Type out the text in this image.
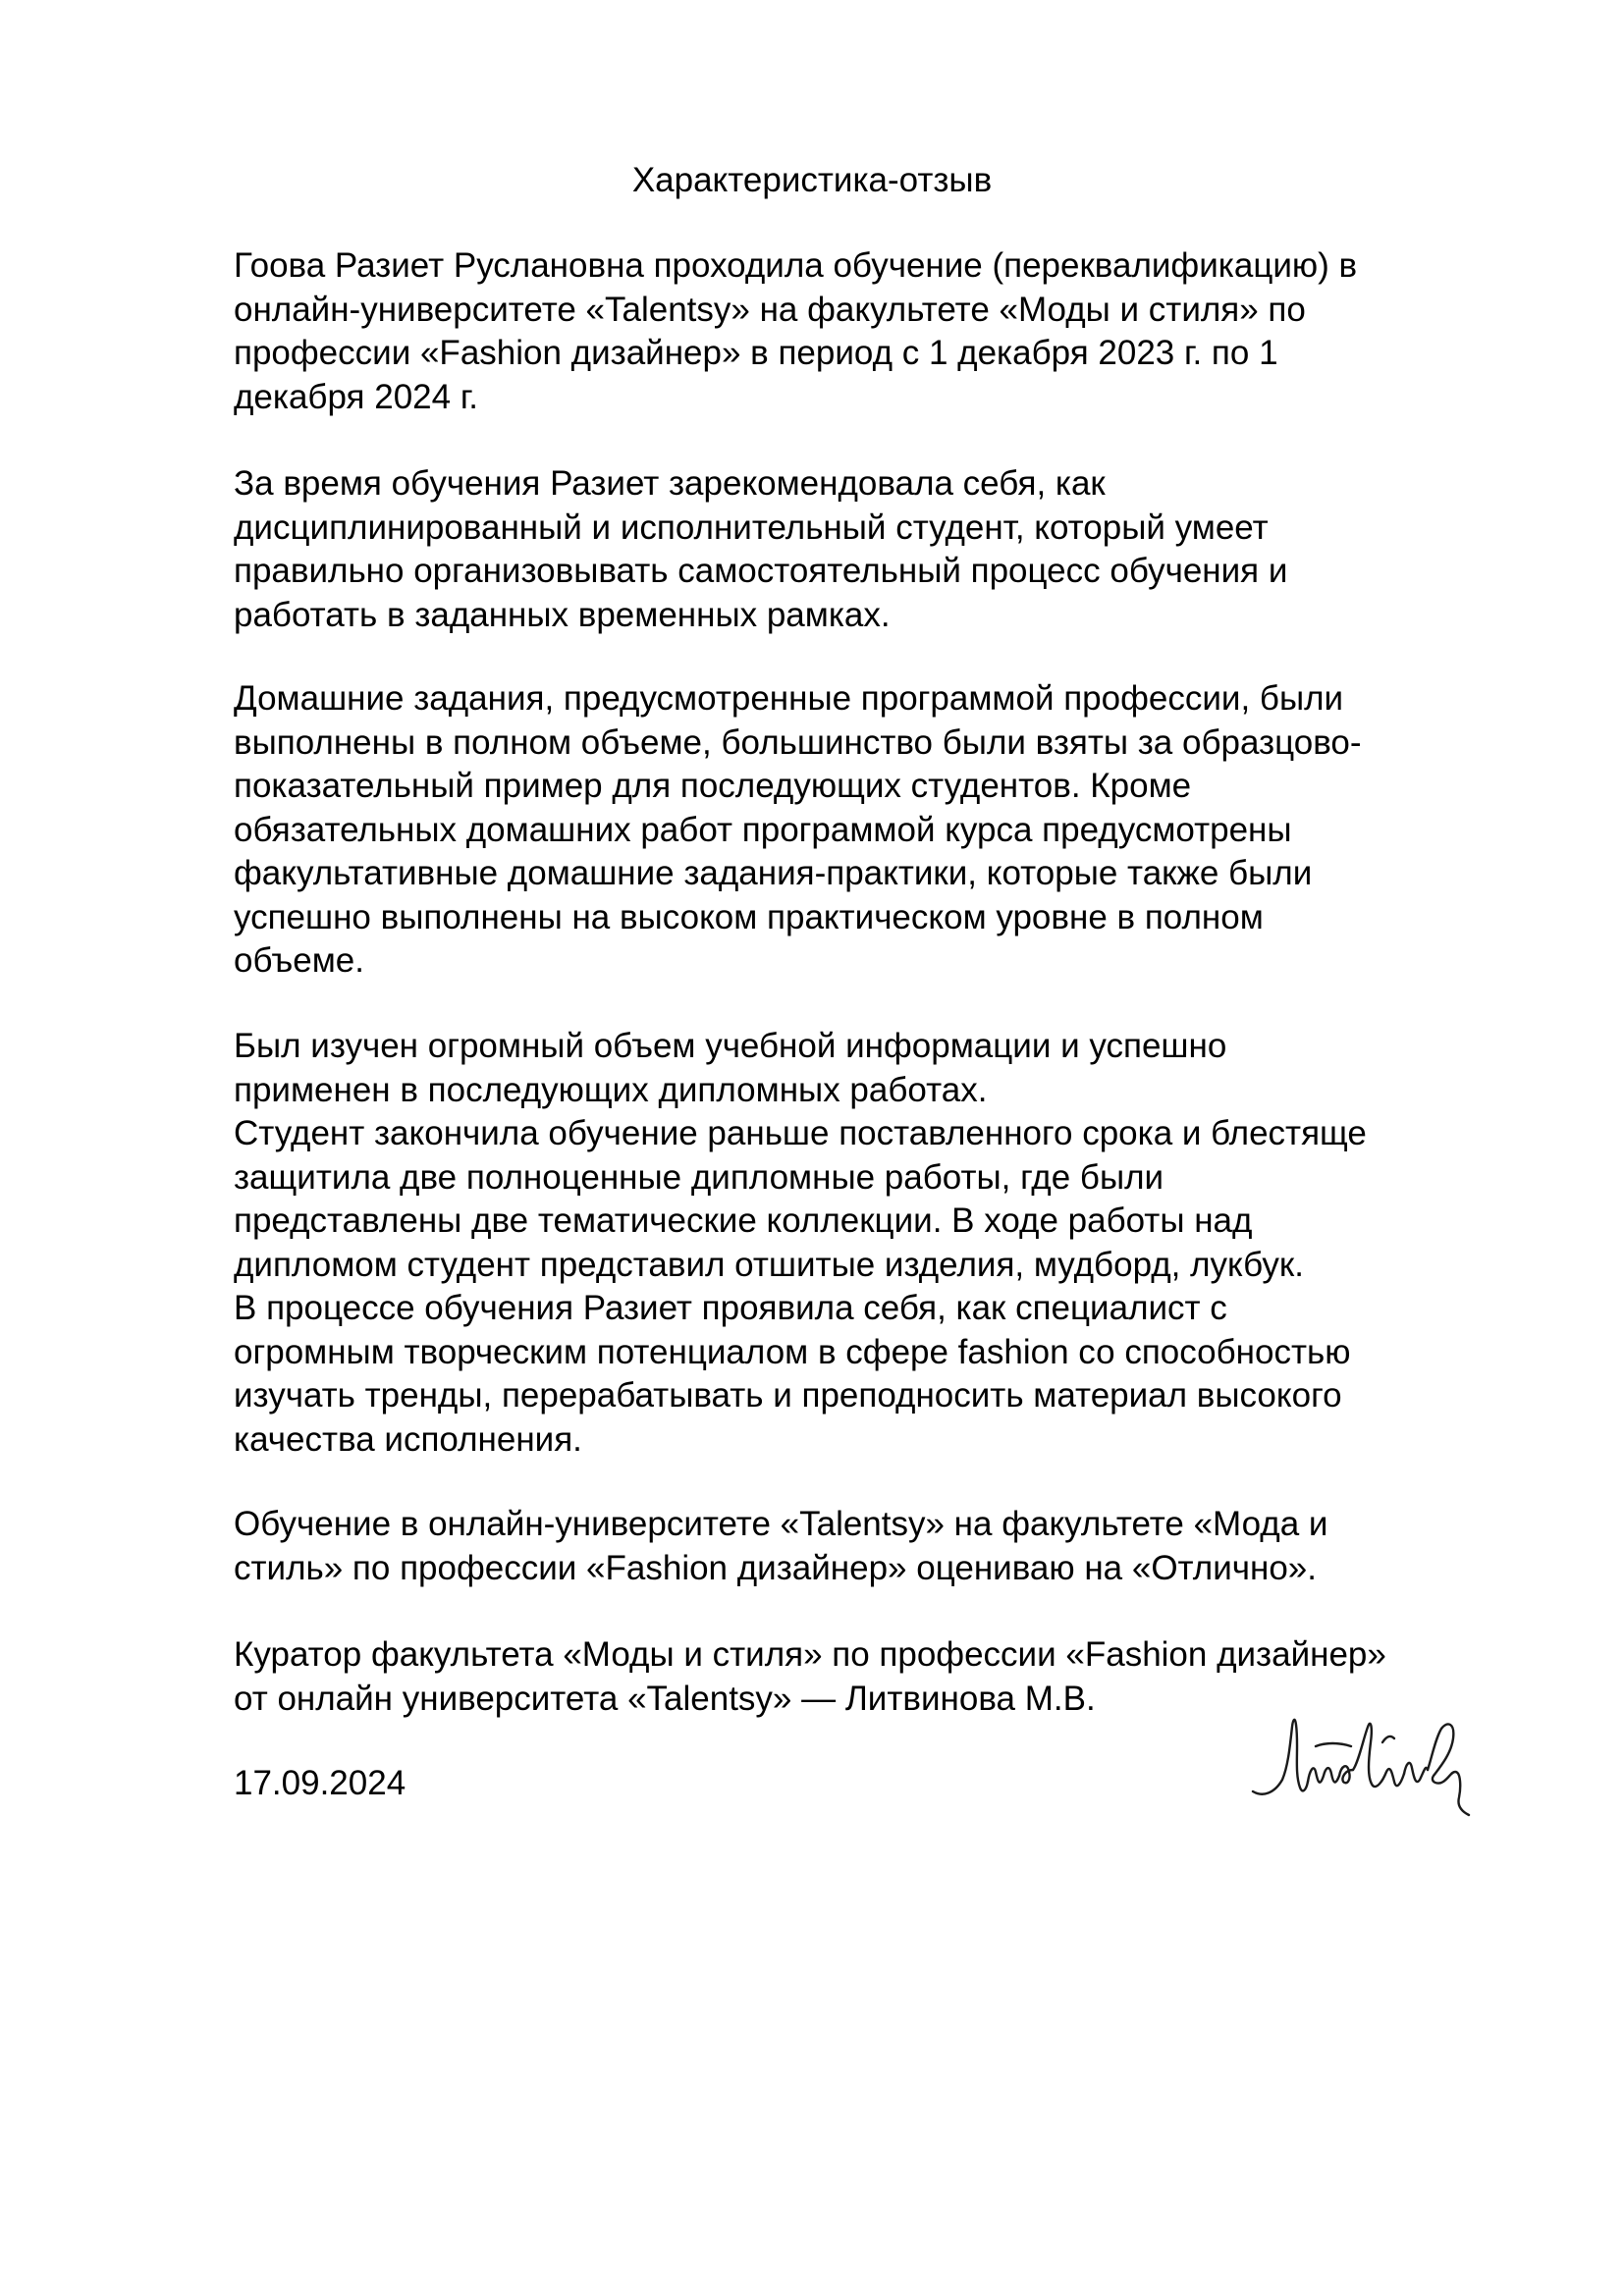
Характеристика-отзыв

Гоова Разиет Руслановна проходила обучение (переквалификацию) в
онлайн-университете «Talentsy» на факультете «Моды и стиля» по
профессии «Fashion дизайнер» в период с 1 декабря 2023 г. по 1
декабря 2024 г.

За время обучения Разиет зарекомендовала себя, как
дисциплинированный и исполнительный студент, который умеет
правильно организовывать самостоятельный процесс обучения и
работать в заданных временных рамках.

Домашние задания, предусмотренные программой профессии, были
выполнены в полном объеме, большинство были взяты за образцово-
показательный пример для последующих студентов. Кроме
обязательных домашних работ программой курса предусмотрены
факультативные домашние задания-практики, которые также были
успешно выполнены на высоком практическом уровне в полном
объеме.

Был изучен огромный объем учебной информации и успешно
применен в последующих дипломных работах.
Студент закончила обучение раньше поставленного срока и блестяще
защитила две полноценные дипломные работы, где были
представлены две тематические коллекции. В ходе работы над
дипломом студент представил отшитые изделия, мудборд, лукбук.
В процессе обучения Разиет проявила себя, как специалист с
огромным творческим потенциалом в сфере fashion со способностью
изучать тренды, перерабатывать и преподносить материал высокого
качества исполнения.

Обучение в онлайн-университете «Talentsy» на факультете «Мода и
стиль» по профессии «Fashion дизайнер» оцениваю на «Отлично».

Куратор факультета «Моды и стиля» по профессии «Fashion дизайнер»
от онлайн университета «Talentsy» — Литвинова М.В.

17.09.2024
